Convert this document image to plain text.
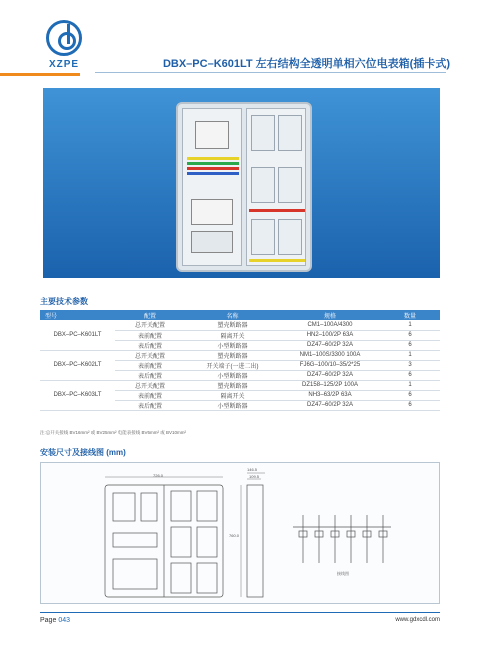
XZPE	DBX–PC–K601LT 左右结构全透明单相六位电表箱(插卡式)
主要技术参数
型号	配置	名称	规格	数量
DBX–PC–K601LT	总开关配置	塑壳断路器	CM1–100A/4300	1
	表前配置	隔离开关	HN2–100/2P 63A	6
	表后配置	小型断路器	DZ47–60/2P 32A	6
DBX–PC–K602LT	总开关配置	塑壳断路器	NM1–100S/3300 100A	1
	表前配置	开关端子(一进二出)	FJ6G–100/10–35/2*25	3
	表后配置	小型断路器	DZ47–60/2P 32A	6
DBX–PC–K603LT	总开关配置	塑壳断路器	DZ158–125/2P 100A	1
	表前配置	隔离开关	NH3–63/2P 63A	6
	表后配置	小型断路器	DZ47–60/2P 32A	6
注:总开关接线 BV16mm² 或 BV25mm² 电能表接线 BV6mm² 或 BV10mm²
安装尺寸及接线图 (mm)
726.0
760.0
146.5
109.5
接线图
Page 043	www.gdxcdl.com
